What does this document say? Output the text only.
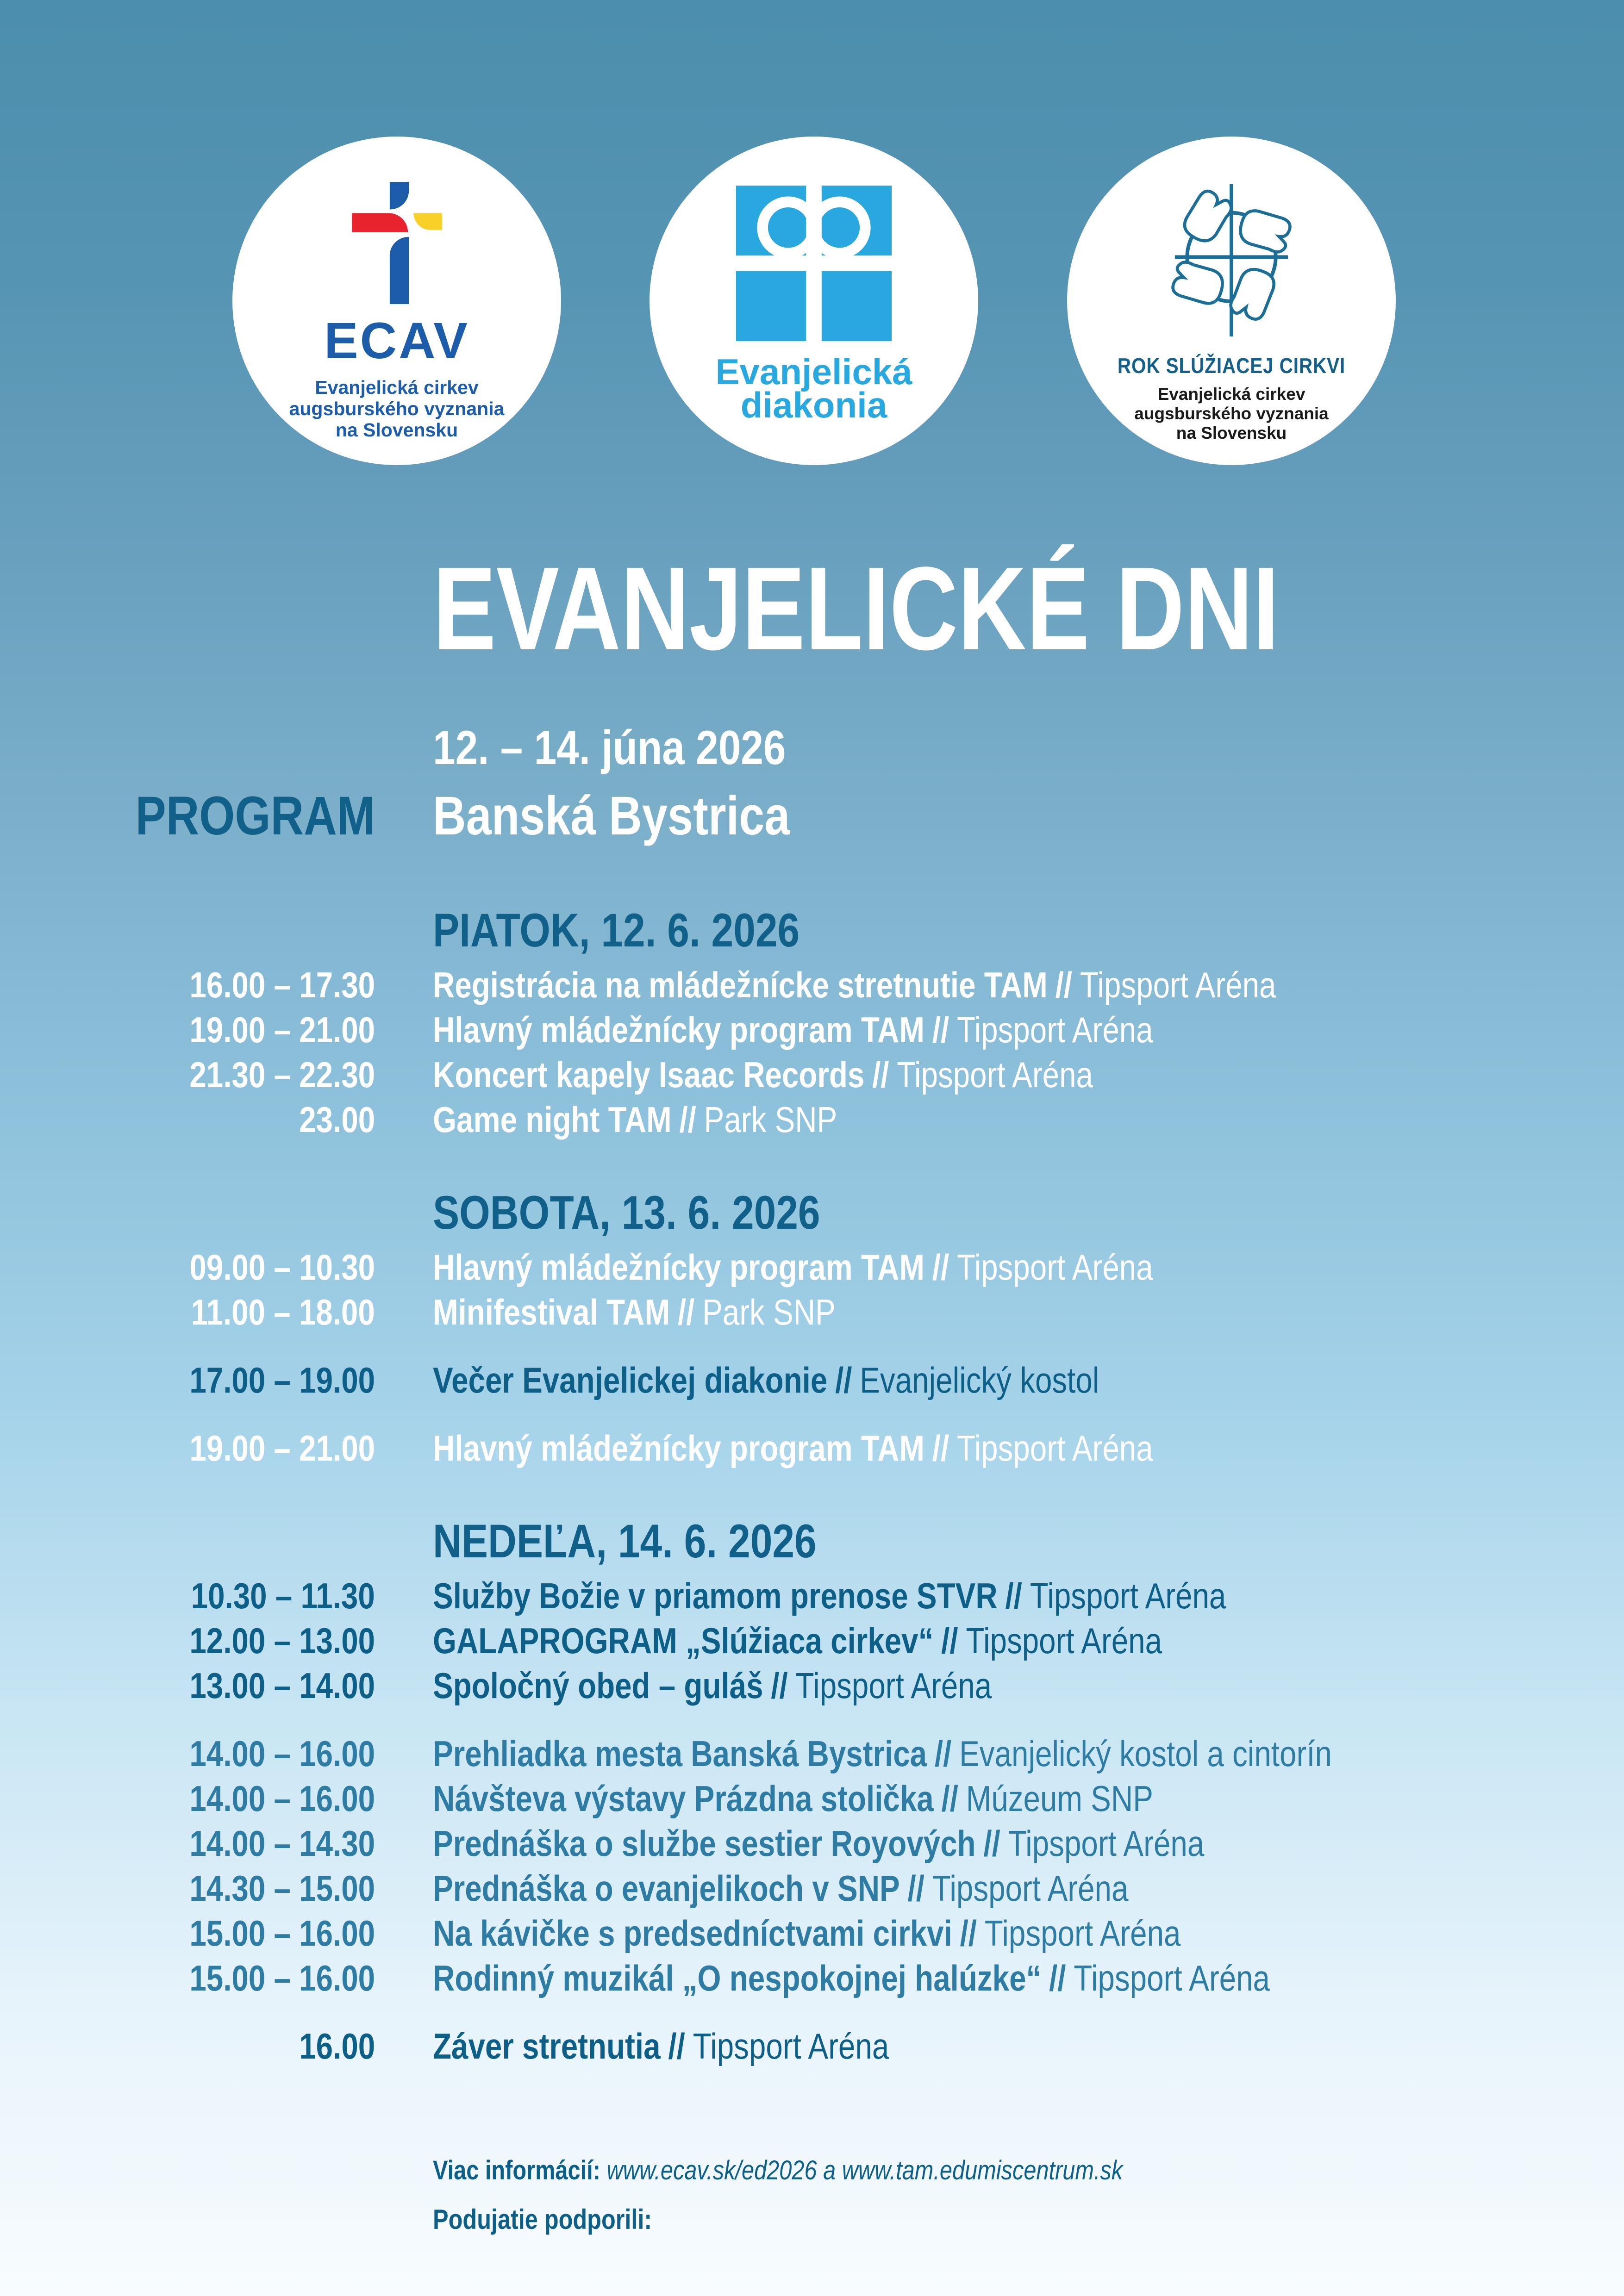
ECAV
Evanjelická cirkev
augsburského vyznania
na Slovensku
Evanjelická
diakonia
ROK SLÚŽIACEJ CIRKVI
Evanjelická cirkev
augsburského vyznania
na Slovensku
EVANJELICKÉ DNI
12. – 14. júna 2026
PROGRAM Banská Bystrica
PIATOK, 12. 6. 2026
16.00 – 17.30 Registrácia na mládežnícke stretnutie TAM // Tipsport Aréna
19.00 – 21.00 Hlavný mládežnícky program TAM // Tipsport Aréna
21.30 – 22.30 Koncert kapely Isaac Records // Tipsport Aréna
23.00 Game night TAM // Park SNP
SOBOTA, 13. 6. 2026
09.00 – 10.30 Hlavný mládežnícky program TAM // Tipsport Aréna
11.00 – 18.00 Minifestival TAM // Park SNP
17.00 – 19.00 Večer Evanjelickej diakonie // Evanjelický kostol
19.00 – 21.00 Hlavný mládežnícky program TAM // Tipsport Aréna
NEDEĽA, 14. 6. 2026
10.30 – 11.30 Služby Božie v priamom prenose STVR // Tipsport Aréna
12.00 – 13.00 GALAPROGRAM „Slúžiaca cirkev“ // Tipsport Aréna
13.00 – 14.00 Spoločný obed – guláš // Tipsport Aréna
14.00 – 16.00 Prehliadka mesta Banská Bystrica // Evanjelický kostol a cintorín
14.00 – 16.00 Návšteva výstavy Prázdna stolička // Múzeum SNP
14.00 – 14.30 Prednáška o službe sestier Royových // Tipsport Aréna
14.30 – 15.00 Prednáška o evanjelikoch v SNP // Tipsport Aréna
15.00 – 16.00 Na kávičke s predsedníctvami cirkvi // Tipsport Aréna
15.00 – 16.00 Rodinný muzikál „O nespokojnej halúzke“ // Tipsport Aréna
16.00 Záver stretnutia // Tipsport Aréna
Viac informácií: www.ecav.sk/ed2026 a www.tam.edumiscentrum.sk
Podujatie podporili:
